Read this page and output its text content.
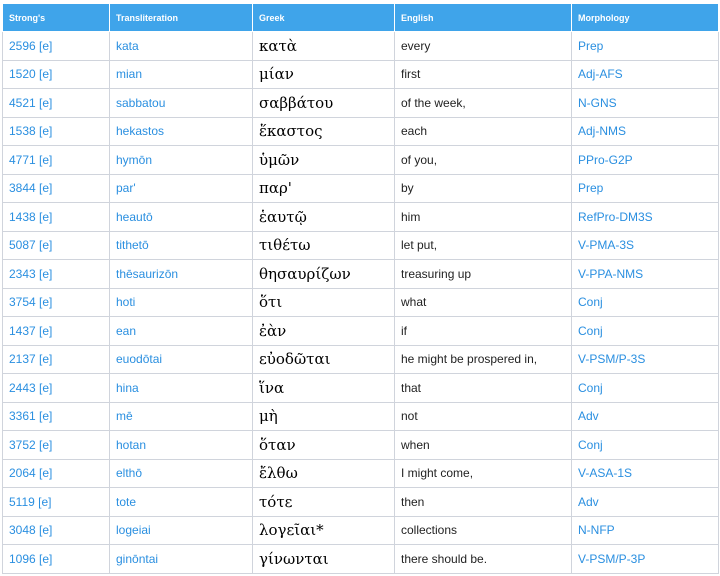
Strong's	Transliteration	Greek	English	Morphology
2596 [e]	kata	κατὰ	every	Prep
1520 [e]	mian	μίαν	first	Adj-AFS
4521 [e]	sabbatou	σαββάτου	of the week,	N-GNS
1538 [e]	hekastos	ἕκαστος	each	Adj-NMS
4771 [e]	hymōn	ὑμῶν	of you,	PPro-G2P
3844 [e]	par'	παρ'	by	Prep
1438 [e]	heautō	ἑαυτῷ	him	RefPro-DM3S
5087 [e]	tithetō	τιθέτω	let put,	V-PMA-3S
2343 [e]	thēsaurizōn	θησαυρίζων	treasuring up	V-PPA-NMS
3754 [e]	hoti	ὅτι	what	Conj
1437 [e]	ean	ἐὰν	if	Conj
2137 [e]	euodōtai	εὐοδῶται	he might be prospered in,	V-PSM/P-3S
2443 [e]	hina	ἵνα	that	Conj
3361 [e]	mē	μὴ	not	Adv
3752 [e]	hotan	ὅταν	when	Conj
2064 [e]	elthō	ἔλθω	I might come,	V-ASA-1S
5119 [e]	tote	τότε	then	Adv
3048 [e]	logeiai	λογεῖαι*	collections	N-NFP
1096 [e]	ginōntai	γίνωνται	there should be.	V-PSM/P-3P
